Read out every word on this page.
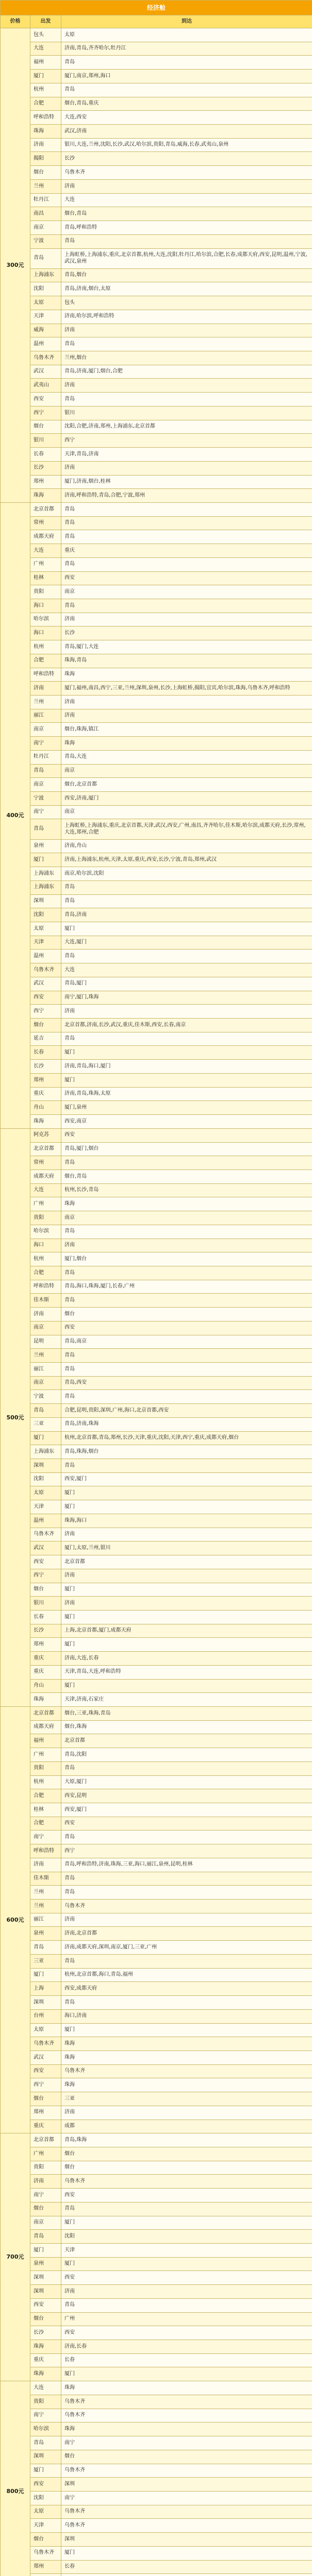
经济舱		
价格	出发	到达
300元	包头	太原
	大连	济南,青岛,齐齐哈尔,牡丹江
	福州	青岛
	厦门	厦门,南京,郑州,海口
	杭州	青岛
	合肥	烟台,青岛,重庆
	呼和浩特	大连,西安
	珠海	武汉,济南
	济南	银川,大连,兰州,沈阳,长沙,武汉,哈尔滨,贵阳,青岛,威海,长春,武夷山,泉州
	揭阳	长沙
	烟台	乌鲁木齐
	兰州	济南
	牡丹江	大连
	南昌	烟台,青岛
	南京	青岛,呼和浩特
	宁波	青岛
	青岛	上海虹桥,上海浦东,重庆,北京首都,杭州,大连,沈阳,牡丹江,哈尔滨,合肥,长春,成都天府,西安,昆明,温州,宁波,武汉,泉州
	上海浦东	青岛,烟台
	沈阳	青岛,济南,烟台,太原
	太原	包头
	天津	济南,哈尔滨,呼和浩特
	威海	济南
	温州	青岛
	乌鲁木齐	兰州,烟台
	武汉	青岛,济南,厦门,烟台,合肥
	武夷山	济南
	西安	青岛
	西宁	银川
	烟台	沈阳,合肥,济南,郑州,上海浦东,北京首都
	银川	西宁
	长春	天津,青岛,济南
	长沙	济南
	郑州	厦门,济南,烟台,桂林
	珠海	济南,呼和浩特,青岛,合肥,宁波,郑州
400元	北京首都	青岛
	常州	青岛
	成都天府	青岛
	大连	重庆
	广州	青岛
	桂林	西安
	贵阳	南京
	海口	青岛
	哈尔滨	济南
	海口	长沙
	杭州	青岛,厦门,大连
	合肥	珠海,青岛
	呼和浩特	珠海
	济南	厦门,福州,南昌,西宁,三亚,兰州,深圳,泉州,长沙,上海虹桥,揭阳,宜宾,哈尔滨,珠海,乌鲁木齐,呼和浩特
	兰州	济南
	丽江	济南
	南京	烟台,珠海,镇江
	南宁	珠海
	牡丹江	青岛,大连
	青岛	南京
	南京	烟台,北京首都
	宁波	西安,济南,厦门
	南宁	南京
	青岛	上海虹桥,上海浦东,重庆,北京首都,天津,武汉,西安,广州,南昌,齐齐哈尔,佳木斯,哈尔滨,成都天府,长沙,常州,大连,郑州,合肥
	泉州	济南,舟山
	厦门	济南,上海浦东,杭州,天津,太原,重庆,西安,长沙,宁波,青岛,郑州,武汉
	上海浦东	南京,哈尔滨,沈阳
	上海浦东	青岛
	深圳	青岛
	沈阳	青岛,济南
	太原	厦门
	天津	大连,厦门
	温州	青岛
	乌鲁木齐	大连
	武汉	青岛,厦门
	西安	南宁,厦门,珠海
	西宁	济南
	烟台	北京首都,济南,长沙,武汉,重庆,佳木斯,西安,长春,南京
	延吉	青岛
	长春	厦门
	长沙	济南,青岛,海口,厦门
	郑州	厦门
	重庆	济南,青岛,珠海,太原
	舟山	厦门,泉州
	珠海	西安,南京
500元	阿克苏	西安
	北京首都	青岛,厦门,烟台
	常州	青岛
	成都天府	烟台,青岛
	大连	杭州,长沙,青岛
	广州	珠海
	贵阳	南京
	哈尔滨	青岛
	海口	济南
	杭州	厦门,烟台
	合肥	青岛
	呼和浩特	青岛,海口,珠海,厦门,长春,广州
	佳木斯	青岛
	济南	烟台
	南京	西安
	昆明	青岛,南京
	兰州	青岛
	丽江	青岛
	南京	青岛,西安
	宁波	青岛
	青岛	合肥,昆明,贵阳,深圳,广州,海口,北京首都,西安
	三亚	青岛,济南,珠海
	厦门	杭州,北京首都,青岛,郑州,长沙,天津,重庆,沈阳,天津,西宁,重庆,成都天府,烟台
	上海浦东	青岛,珠海,烟台
	深圳	青岛
	沈阳	西安,厦门
	太原	厦门
	天津	厦门
	温州	珠海,海口
	乌鲁木齐	济南
	武汉	厦门,太原,兰州,银川
	西安	北京首都
	西宁	济南
	烟台	厦门
	银川	济南
	长春	厦门
	长沙	上海,北京首都,厦门,成都天府
	郑州	厦门
	重庆	济南,大连,长春
	重庆	天津,青岛,大连,呼和浩特
	舟山	厦门
	珠海	天津,济南,石家庄
600元	北京首都	烟台,三亚,珠海,青岛
	成都天府	烟台,珠海
	福州	北京首都
	广州	青岛,沈阳
	贵阳	青岛
	杭州	大原,厦门
	合肥	西安,昆明
	桂林	西安,厦门
	合肥	西安
	南宁	青岛
	呼和浩特	西宁
	济南	青岛,呼和浩特,济南,珠海,三亚,海口,丽江,泉州,昆明,桂林
	佳木斯	青岛
	兰州	青岛
	兰州	乌鲁木齐
	丽江	济南
	泉州	济南,北京首都
	青岛	济南,成都天府,深圳,南京,厦门,三亚,广州
	三亚	青岛
	厦门	杭州,北京首都,海口,青岛,福州
	上海	西安,成都天府
	深圳	青岛
	台州	海口,济南
	太原	厦门
	乌鲁木齐	珠海
	武汉	珠海
	西安	乌鲁木齐
	西宁	珠海
	烟台	三亚
	郑州	济南
	重庆	成都
700元	北京首都	青岛,珠海
	广州	烟台
	贵阳	烟台
	济南	乌鲁木齐
	南宁	西安
	烟台	青岛
	南京	厦门
	青岛	沈阳
	厦门	天津
	泉州	厦门
	深圳	西安
	深圳	济南
	西安	青岛
	烟台	广州
	长沙	西安
	珠海	济南,长春
	重庆	长春
	珠海	厦门
800元	大连	珠海
	贵阳	乌鲁木齐
	南宁	乌鲁木齐
	哈尔滨	珠海
	青岛	南宁
	深圳	烟台
	厦门	乌鲁木齐
	西安	深圳
	沈阳	南宁
	太原	乌鲁木齐
	天津	乌鲁木齐
	烟台	深圳
	乌鲁木齐	厦门
	郑州	长春
